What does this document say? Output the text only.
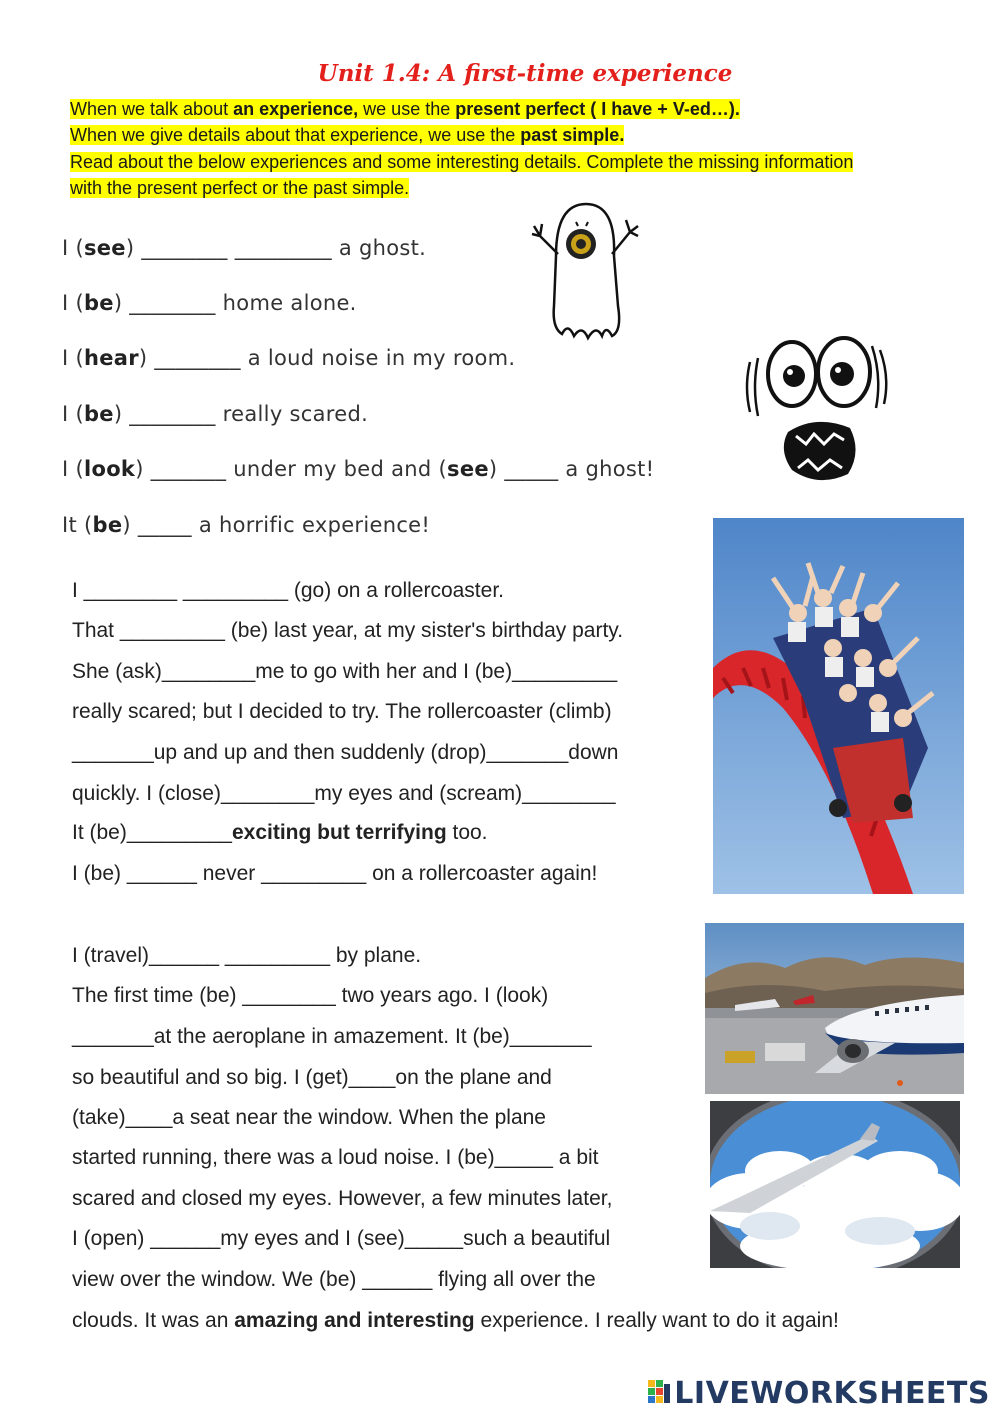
Unit 1.4: A first-time experience
When we talk about an experience, we use the present perfect ( I have + V-ed…).
When we give details about that experience, we use the past simple.
Read about the below experiences and some interesting details. Complete the missing information
with the present perfect or the past simple.
I (see) ________ _________ a ghost.
I (be) ________ home alone.
I (hear) ________ a loud noise in my room.
I (be) ________ really scared.
I (look) _______ under my bed and (see) _____ a ghost!
It (be) _____ a horrific experience!
I ________ _________ (go) on a rollercoaster.
That _________ (be) last year, at my sister's birthday party.
She (ask)________me to go with her and I (be)_________
really scared; but I decided to try. The rollercoaster (climb)
_______up and up and then suddenly (drop)_______down
quickly. I (close)________my eyes and (scream)________
It (be)_________exciting but terrifying too.
I (be) ______ never _________ on a rollercoaster again!
I (travel)______ _________ by plane.
The first time (be) ________ two years ago. I (look)
_______at the aeroplane in amazement. It (be)_______
so beautiful and so big. I (get)____on the plane and
(take)____a seat near the window. When the plane
started running, there was a loud noise. I (be)_____ a bit
scared and closed my eyes. However, a few minutes later,
I (open) ______my eyes and I (see)_____such a beautiful
view over the window. We (be) ______ flying all over the
clouds. It was an amazing and interesting experience. I really want to do it again!
LIVEWORKSHEETS
